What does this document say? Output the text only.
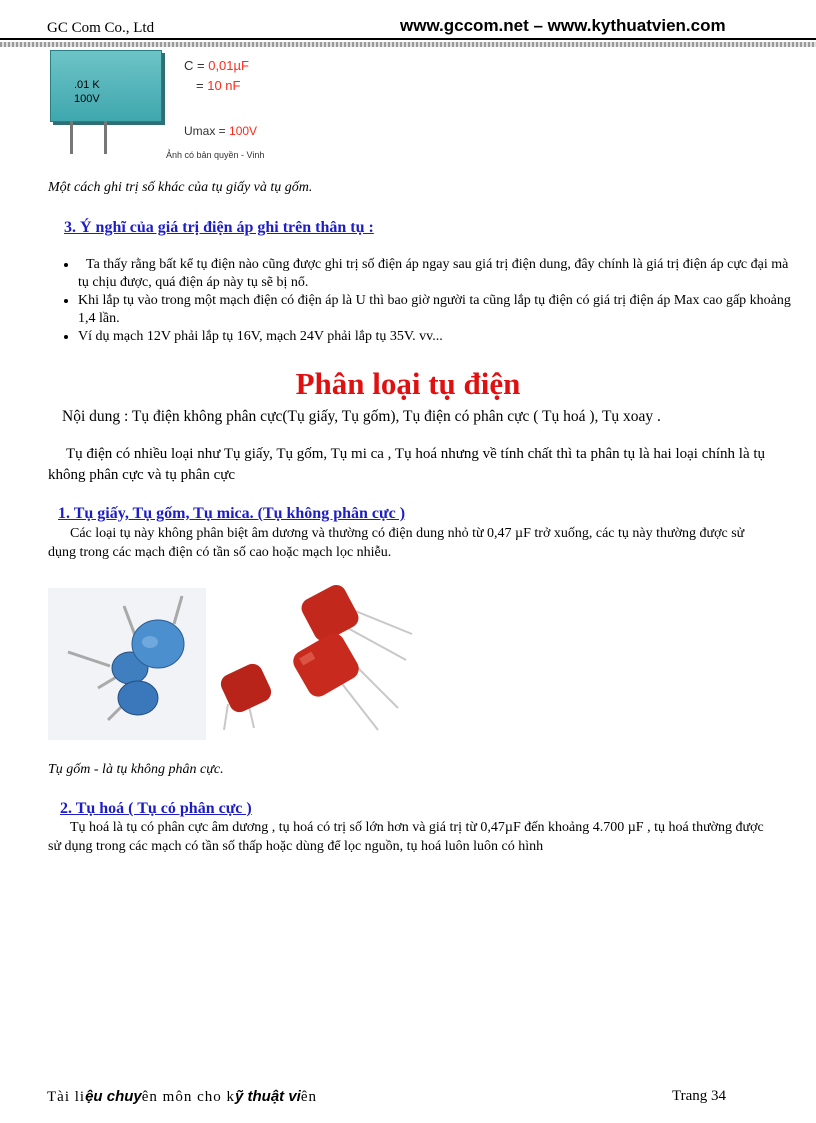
GC Com Co., Ltd	www.gccom.net – www.kythuatvien.com
.01 K
100V
C = 0,01µF
= 10 nF
Umax = 100V
Ảnh có bản quyền - Vinh
Một cách ghi trị số khác của tụ giấy và tụ gốm.
3. Ý nghĩ của giá trị điện áp ghi trên thân tụ :
• Ta thấy rằng bất kể tụ điện nào cũng được ghi trị số điện áp ngay sau giá trị điện dung, đây chính là giá trị điện áp cực đại mà tụ chịu được, quá điện áp này tụ sẽ bị nổ.
• Khi lắp tụ vào trong một mạch điện có điện áp là U thì bao giờ người ta cũng lắp tụ điện có giá trị điện áp Max cao gấp khoảng 1,4 lần.
• Ví dụ mạch 12V phải lắp tụ 16V, mạch 24V phải lắp tụ 35V. vv...
Phân loại tụ điện
Nội dung : Tụ điện không phân cực(Tụ giấy, Tụ gốm), Tụ điện có phân cực ( Tụ hoá ), Tụ xoay .
Tụ điện có nhiều loại như Tụ giấy, Tụ gốm, Tụ mi ca , Tụ hoá nhưng về tính chất thì ta phân tụ là hai loại chính là tụ không phân cực và tụ phân cực
1. Tụ giấy, Tụ gốm, Tụ mica. (Tụ không phân cực )
Các loại tụ này không phân biệt âm dương và thường có điện dung nhỏ từ 0,47 µF trở xuống, các tụ này thường được sử dụng trong các mạch điện có tần số cao hoặc mạch lọc nhiễu.
Tụ gốm - là tụ không phân cực.
2. Tụ hoá ( Tụ có phân cực )
Tụ hoá là tụ có phân cực âm dương , tụ hoá có trị số lớn hơn và giá trị từ 0,47µF đến khoảng 4.700 µF , tụ hoá thường được sử dụng trong các mạch có tần số thấp hoặc dùng để lọc nguồn, tụ hoá luôn luôn có hình
Tài liệu chuyên môn cho kỹ thuật viên	Trang 34
